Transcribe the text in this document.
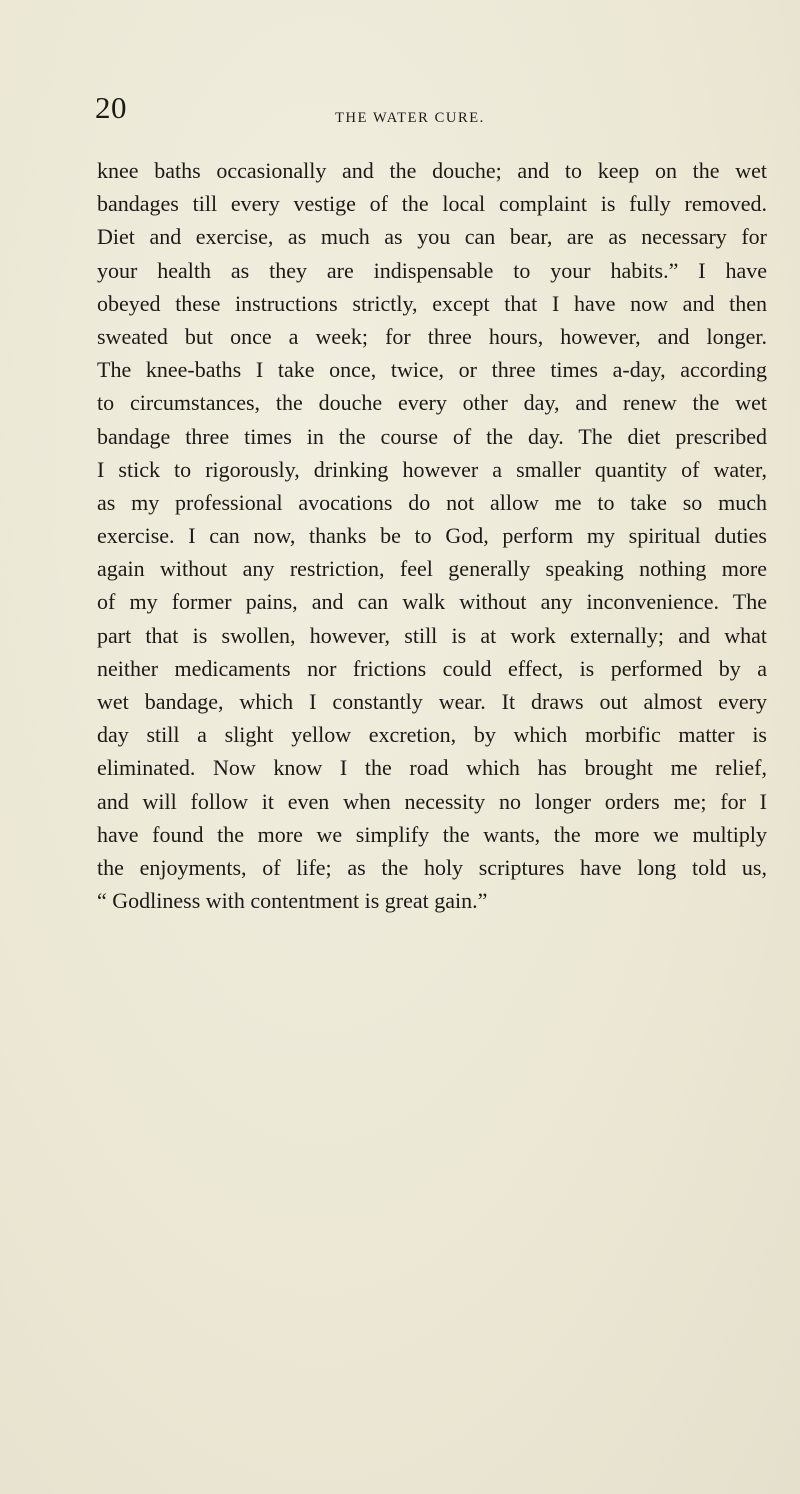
20	THE WATER CURE.
knee baths occasionally and the douche; and to keep on the wet
bandages till every vestige of the local complaint is fully removed.
Diet and exercise, as much as you can bear, are as necessary for
your health as they are indispensable to your habits.” I have
obeyed these instructions strictly, except that I have now and then
sweated but once a week; for three hours, however, and longer.
The knee-baths I take once, twice, or three times a-day, according
to circumstances, the douche every other day, and renew the wet
bandage three times in the course of the day. The diet prescribed
I stick to rigorously, drinking however a smaller quantity of water,
as my professional avocations do not allow me to take so much
exercise. I can now, thanks be to God, perform my spiritual duties
again without any restriction, feel generally speaking nothing more
of my former pains, and can walk without any inconvenience. The
part that is swollen, however, still is at work externally; and what
neither medicaments nor frictions could effect, is performed by a
wet bandage, which I constantly wear. It draws out almost every
day still a slight yellow excretion, by which morbific matter is
eliminated. Now know I the road which has brought me relief,
and will follow it even when necessity no longer orders me; for I
have found the more we simplify the wants, the more we multiply
the enjoyments, of life; as the holy scriptures have long told us,
“ Godliness with contentment is great gain.”
